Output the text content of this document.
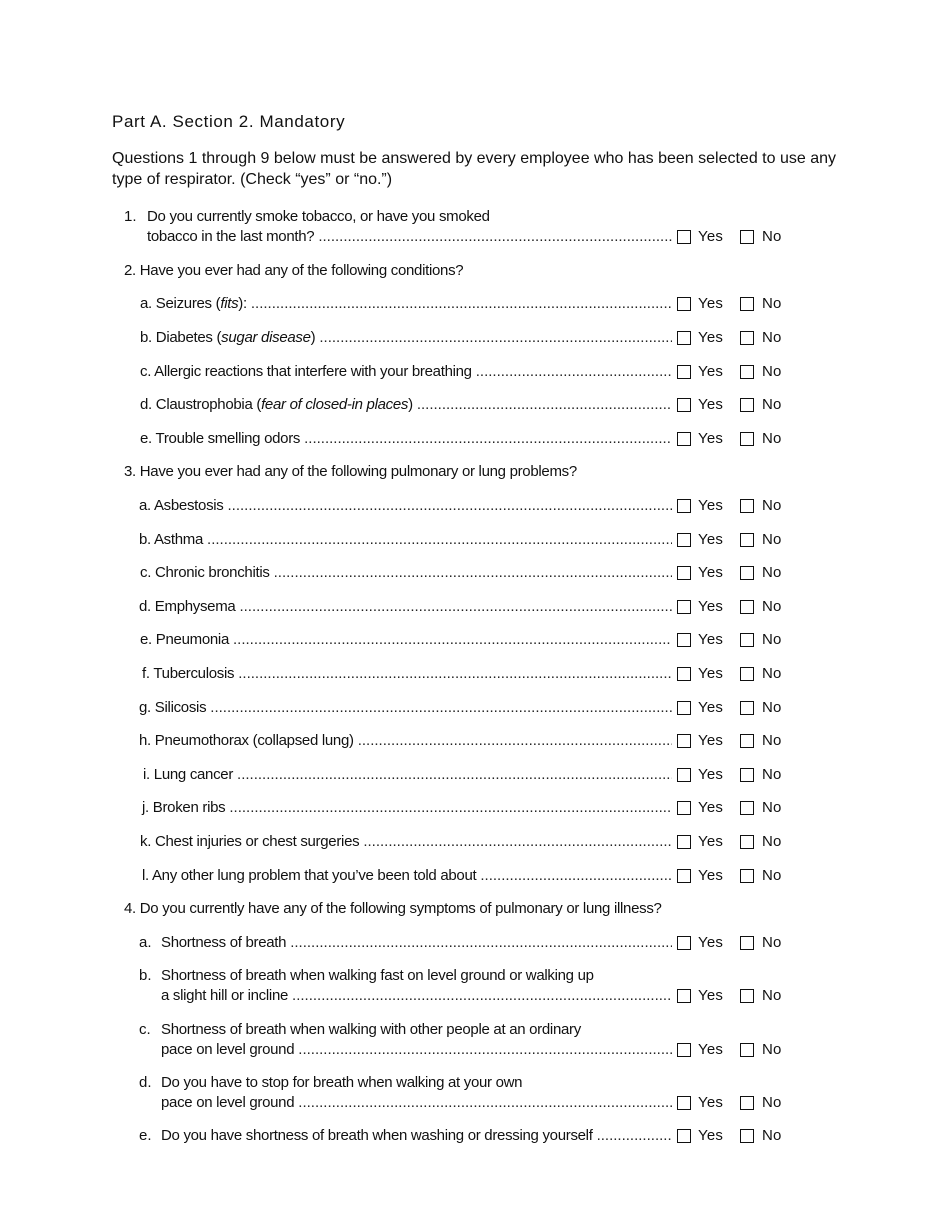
Part A. Section 2. Mandatory

Questions 1 through 9 below must be answered by every employee who has been selected to use any type of respirator. (Check “yes” or “no.”)

1. Do you currently smoke tobacco, or have you smoked
tobacco in the last month? .....	Yes	No
2. Have you ever had any of the following conditions?
a. Seizures (fits): .....	Yes	No
b. Diabetes (sugar disease) .....	Yes	No
c. Allergic reactions that interfere with your breathing .....	Yes	No
d. Claustrophobia (fear of closed-in places) .....	Yes	No
e. Trouble smelling odors .....	Yes	No
3. Have you ever had any of the following pulmonary or lung problems?
a. Asbestosis .....	Yes	No
b. Asthma .....	Yes	No
c. Chronic bronchitis .....	Yes	No
d. Emphysema .....	Yes	No
e. Pneumonia .....	Yes	No
f. Tuberculosis .....	Yes	No
g. Silicosis .....	Yes	No
h. Pneumothorax (collapsed lung) .....	Yes	No
i. Lung cancer .....	Yes	No
j. Broken ribs .....	Yes	No
k. Chest injuries or chest surgeries .....	Yes	No
l. Any other lung problem that you’ve been told about .....	Yes	No
4. Do you currently have any of the following symptoms of pulmonary or lung illness?
a. Shortness of breath .....	Yes	No
b. Shortness of breath when walking fast on level ground or walking up
a slight hill or incline .....	Yes	No
c. Shortness of breath when walking with other people at an ordinary
pace on level ground .....	Yes	No
d. Do you have to stop for breath when walking at your own
pace on level ground .....	Yes	No
e. Do you have shortness of breath when washing or dressing yourself .....	Yes	No
